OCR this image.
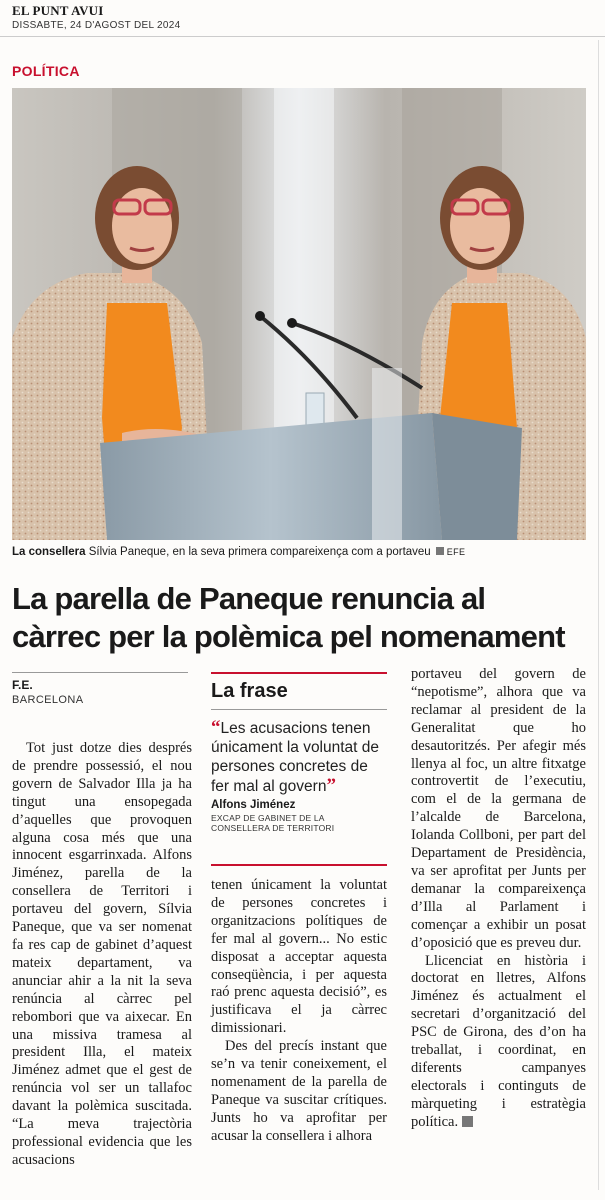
EL PUNT AVUI
DISSABTE, 24 D'AGOST DEL 2024
POLÍTICA
La consellera Sílvia Paneque, en la seva primera compareixença com a portaveu EFE
La parella de Paneque renuncia al
càrrec per la polèmica pel nomenament
F.E.
BARCELONA

Tot just dotze dies després de prendre possessió, el nou govern de Salvador Illa ja ha tingut una ensopegada d’aquelles que provoquen alguna cosa més que una innocent esgarrinxada. Alfons Jiménez, parella de la consellera de Territori i portaveu del govern, Sílvia Paneque, que va ser nomenat fa res cap de gabinet d’aquest mateix departament, va anunciar ahir a la nit la seva renúncia al càrrec pel rebombori que va aixecar. En una missiva tramesa al president Illa, el mateix Jiménez admet que el gest de renúncia vol ser un tallafoc davant la polèmica suscitada. “La meva trajectòria professional evidencia que les acusacions

La frase
“Les acusacions tenen únicament la voluntat de persones concretes de fer mal al govern”
Alfons Jiménez
EXCAP DE GABINET DE LA CONSELLERA DE TERRITORI

tenen únicament la voluntat de persones concretes i organitzacions polítiques de fer mal al govern... No estic disposat a acceptar aquesta conseqüència, i per aquesta raó prenc aquesta decisió”, es justificava el ja càrrec dimissionari.

Des del precís instant que se’n va tenir coneixement, el nomenament de la parella de Paneque va suscitar crítiques. Junts ho va aprofitar per acusar la consellera i alhora

portaveu del govern de “nepotisme”, alhora que va reclamar al president de la Generalitat que ho desautoritzés. Per afegir més llenya al foc, un altre fitxatge controvertit de l’executiu, com el de la germana de l’alcalde de Barcelona, Iolanda Collboni, per part del Departament de Presidència, va ser aprofitat per Junts per demanar la compareixença d’Illa al Parlament i començar a exhibir un posat d’oposició que es preveu dur.

Llicenciat en història i doctorat en lletres, Alfons Jiménez és actualment el secretari d’organització del PSC de Girona, des d’on ha treballat, i coordinat, en diferents campanyes electorals i continguts de màrqueting i estratègia política.
